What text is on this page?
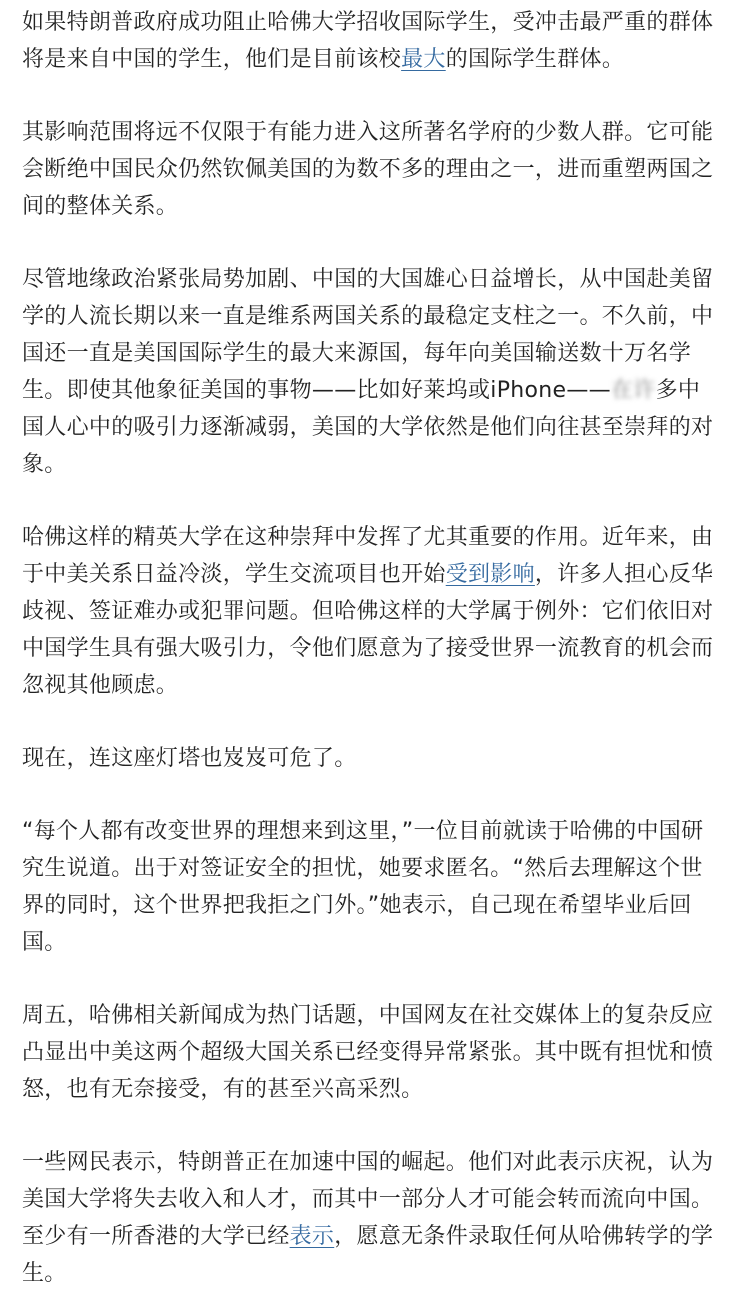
如果特朗普政府成功阻止哈佛大学招收国际学生，受冲击最严重的群体将是来自中国的学生，他们是目前该校最大的国际学生群体。

其影响范围将远不仅限于有能力进入这所著名学府的少数人群。它可能会断绝中国民众仍然钦佩美国的为数不多的理由之一，进而重塑两国之间的整体关系。

尽管地缘政治紧张局势加剧、中国的大国雄心日益增长，从中国赴美留学的人流长期以来一直是维系两国关系的最稳定支柱之一。不久前，中国还一直是美国国际学生的最大来源国，每年向美国输送数十万名学生。即使其他象征美国的事物——比如好莱坞或iPhone——在许多中国人心中的吸引力逐渐减弱，美国的大学依然是他们向往甚至崇拜的对象。

哈佛这样的精英大学在这种崇拜中发挥了尤其重要的作用。近年来，由于中美关系日益冷淡，学生交流项目也开始受到影响，许多人担心反华歧视、签证难办或犯罪问题。但哈佛这样的大学属于例外：它们依旧对中国学生具有强大吸引力，令他们愿意为了接受世界一流教育的机会而忽视其他顾虑。

现在，连这座灯塔也岌岌可危了。

“每个人都有改变世界的理想来到这里，”一位目前就读于哈佛的中国研究生说道。出于对签证安全的担忧，她要求匿名。“然后去理解这个世界的同时，这个世界把我拒之门外。”她表示，自己现在希望毕业后回国。

周五，哈佛相关新闻成为热门话题，中国网友在社交媒体上的复杂反应凸显出中美这两个超级大国关系已经变得异常紧张。其中既有担忧和愤怒，也有无奈接受，有的甚至兴高采烈。

一些网民表示，特朗普正在加速中国的崛起。他们对此表示庆祝，认为美国大学将失去收入和人才，而其中一部分人才可能会转而流向中国。至少有一所香港的大学已经表示，愿意无条件录取任何从哈佛转学的学生。
